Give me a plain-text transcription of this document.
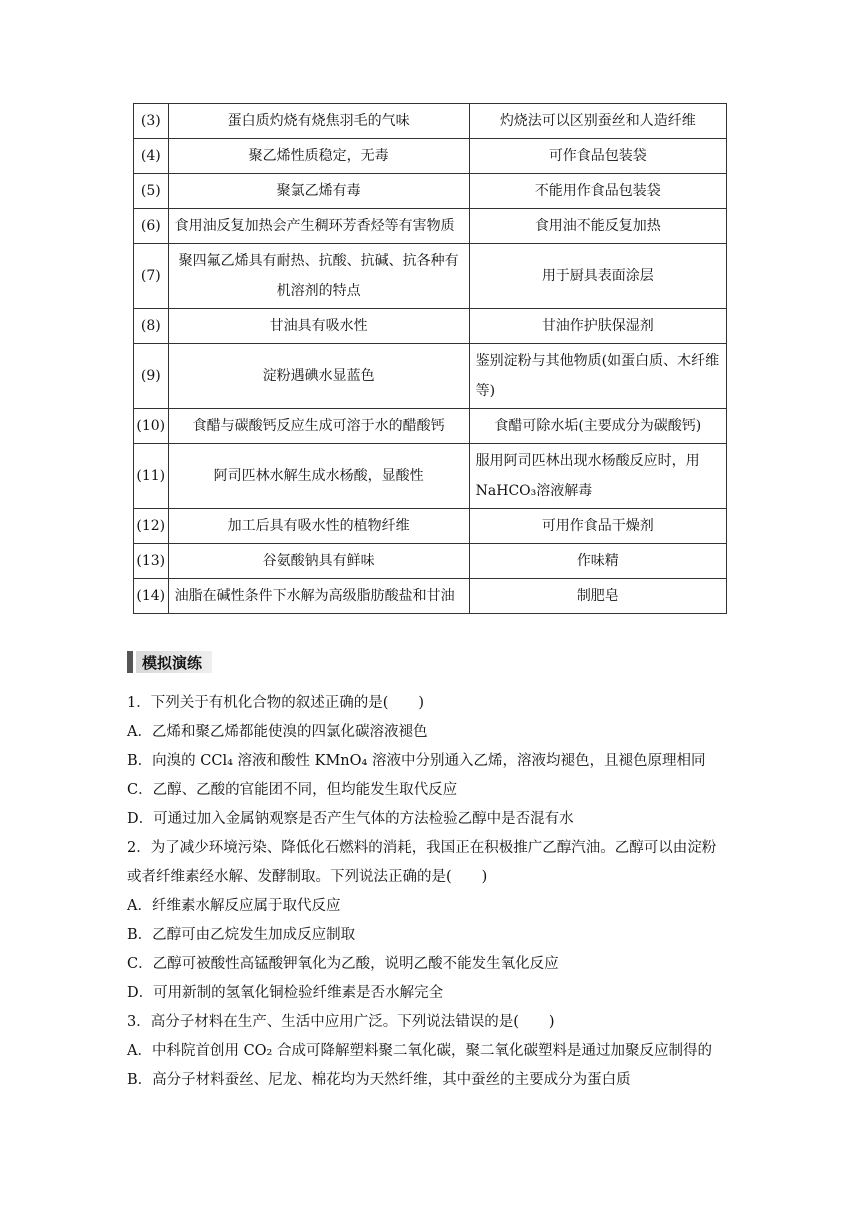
(3)	蛋白质灼烧有烧焦羽毛的气味	灼烧法可以区别蚕丝和人造纤维
(4)	聚乙烯性质稳定，无毒	可作食品包装袋
(5)	聚氯乙烯有毒	不能用作食品包装袋
(6)	食用油反复加热会产生稠环芳香烃等有害物质	食用油不能反复加热
(7)	聚四氟乙烯具有耐热、抗酸、抗碱、抗各种有机溶剂的特点	用于厨具表面涂层
(8)	甘油具有吸水性	甘油作护肤保湿剂
(9)	淀粉遇碘水显蓝色	鉴别淀粉与其他物质(如蛋白质、木纤维等)
(10)	食醋与碳酸钙反应生成可溶于水的醋酸钙	食醋可除水垢(主要成分为碳酸钙)
(11)	阿司匹林水解生成水杨酸，显酸性	服用阿司匹林出现水杨酸反应时，用NaHCO₃溶液解毒
(12)	加工后具有吸水性的植物纤维	可用作食品干燥剂
(13)	谷氨酸钠具有鲜味	作味精
(14)	油脂在碱性条件下水解为高级脂肪酸盐和甘油	制肥皂
模拟演练
1．下列关于有机化合物的叙述正确的是( )
A．乙烯和聚乙烯都能使溴的四氯化碳溶液褪色
B．向溴的 CCl₄ 溶液和酸性 KMnO₄ 溶液中分别通入乙烯，溶液均褪色，且褪色原理相同
C．乙醇、乙酸的官能团不同，但均能发生取代反应
D．可通过加入金属钠观察是否产生气体的方法检验乙醇中是否混有水
2．为了减少环境污染、降低化石燃料的消耗，我国正在积极推广乙醇汽油。乙醇可以由淀粉
或者纤维素经水解、发酵制取。下列说法正确的是( )
A．纤维素水解反应属于取代反应
B．乙醇可由乙烷发生加成反应制取
C．乙醇可被酸性高锰酸钾氧化为乙酸，说明乙酸不能发生氧化反应
D．可用新制的氢氧化铜检验纤维素是否水解完全
3．高分子材料在生产、生活中应用广泛。下列说法错误的是( )
A．中科院首创用 CO₂ 合成可降解塑料聚二氧化碳，聚二氧化碳塑料是通过加聚反应制得的
B．高分子材料蚕丝、尼龙、棉花均为天然纤维，其中蚕丝的主要成分为蛋白质
